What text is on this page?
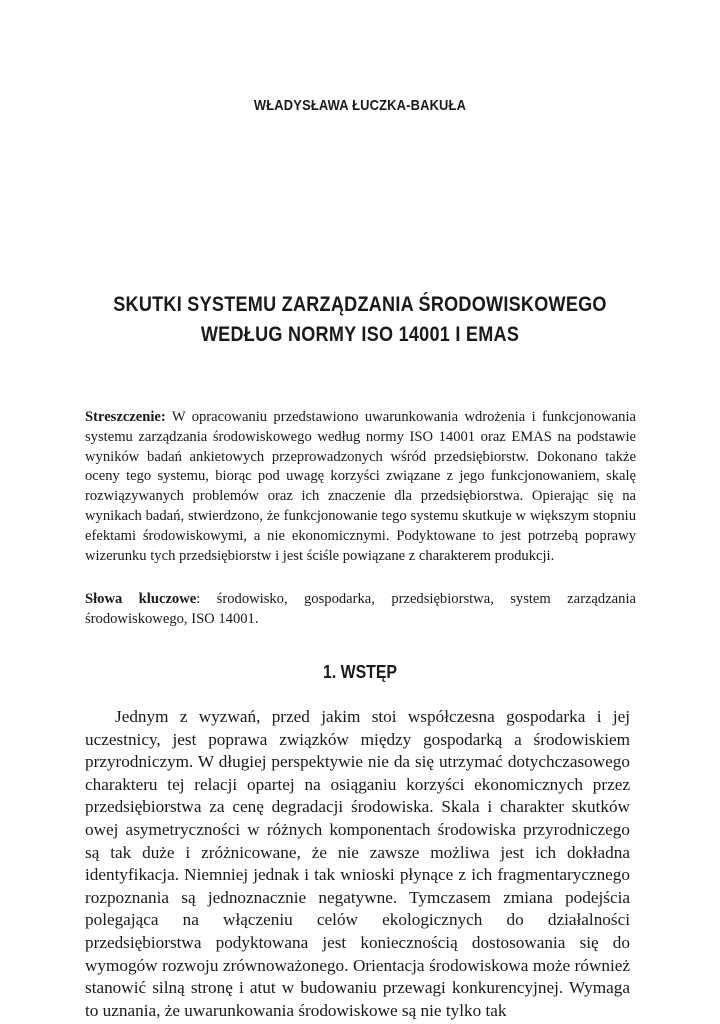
WŁADYSŁAWA ŁUCZKA-BAKUŁA
SKUTKI SYSTEMU ZARZĄDZANIA ŚRODOWISKOWEGO
WEDŁUG NORMY ISO 14001 I EMAS

Streszczenie: W opracowaniu przedstawiono uwarunkowania wdrożenia i funkcjonowania systemu zarządzania środowiskowego według normy ISO 14001 oraz EMAS na podstawie wyników badań ankietowych przeprowadzonych wśród przedsiębiorstw. Dokonano także oceny tego systemu, biorąc pod uwagę korzyści związane z jego funkcjonowaniem, skalę rozwiązywanych problemów oraz ich znaczenie dla przedsiębiorstwa. Opierając się na wynikach badań, stwierdzono, że funkcjonowanie tego systemu skutkuje w większym stopniu efektami środowiskowymi, a nie ekonomicznymi. Podyktowane to jest potrzebą poprawy wizerunku tych przedsiębiorstw i jest ściśle powiązane z charakterem produkcji.

Słowa kluczowe: środowisko, gospodarka, przedsiębiorstwa, system zarządzania środowiskowego, ISO 14001.

1. WSTĘP

Jednym z wyzwań, przed jakim stoi współczesna gospodarka i jej uczestnicy, jest poprawa związków między gospodarką a środowiskiem przyrodniczym. W długiej perspektywie nie da się utrzymać dotychczasowego charakteru tej relacji opartej na osiąganiu korzyści ekonomicznych przez przedsiębiorstwa za cenę degradacji środowiska. Skala i charakter skutków owej asymetryczności w różnych komponentach środowiska przyrodniczego są tak duże i zróżnicowane, że nie zawsze możliwa jest ich dokładna identyfikacja. Niemniej jednak i tak wnioski płynące z ich fragmentarycznego rozpoznania są jednoznacznie negatywne. Tymczasem zmiana podejścia polegająca na włączeniu celów ekologicznych do działalności przedsiębiorstwa podyktowana jest koniecznością dostosowania się do wymogów rozwoju zrównoważonego. Orientacja środowiskowa może również stanowić silną stronę i atut w budowaniu przewagi konkurencyjnej. Wymaga to uznania, że uwarunkowania środowiskowe są nie tylko tak
